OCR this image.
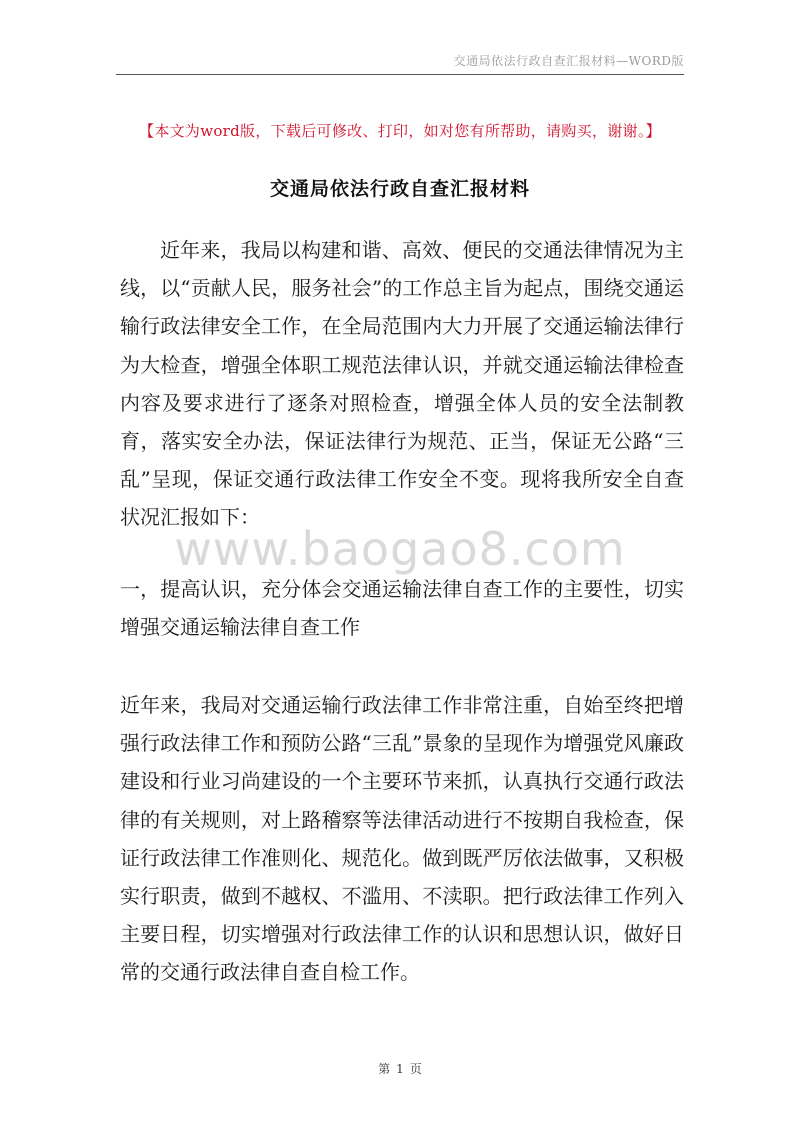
交通局依法行政自查汇报材料—WORD版
【本文为word版，下载后可修改、打印，如对您有所帮助，请购买，谢谢。】
交通局依法行政自查汇报材料

近年来，我局以构建和谐、高效、便民的交通法律情况为主线，以“贡献人民，服务社会”的工作总主旨为起点，围绕交通运输行政法律安全工作，在全局范围内大力开展了交通运输法律行为大检查，增强全体职工规范法律认识，并就交通运输法律检查内容及要求进行了逐条对照检查，增强全体人员的安全法制教育，落实安全办法，保证法律行为规范、正当，保证无公路“三乱”呈现，保证交通行政法律工作安全不变。现将我所安全自查状况汇报如下：

www.baogao8.com

一，提高认识，充分体会交通运输法律自查工作的主要性，切实增强交通运输法律自查工作

近年来，我局对交通运输行政法律工作非常注重，自始至终把增强行政法律工作和预防公路“三乱”景象的呈现作为增强党风廉政建设和行业习尚建设的一个主要环节来抓，认真执行交通行政法律的有关规则，对上路稽察等法律活动进行不按期自我检查，保证行政法律工作准则化、规范化。做到既严厉依法做事，又积极实行职责，做到不越权、不滥用、不渎职。把行政法律工作列入主要日程，切实增强对行政法律工作的认识和思想认识，做好日常的交通行政法律自查自检工作。

第 1 页
